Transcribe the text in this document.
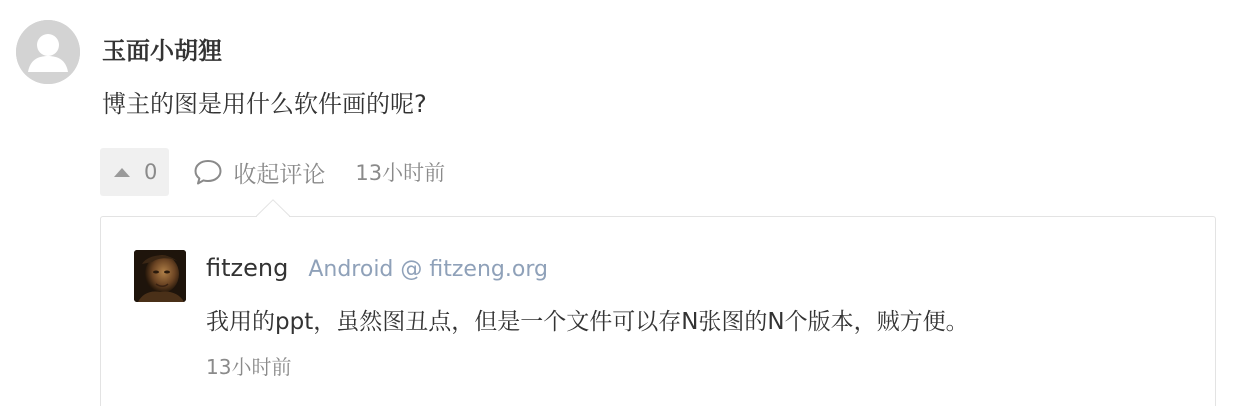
玉面小胡狸
博主的图是用什么软件画的呢?
0	收起评论 13小时前
fitzeng Android @ fitzeng.org
我用的ppt，虽然图丑点，但是一个文件可以存N张图的N个版本，贼方便。
13小时前
